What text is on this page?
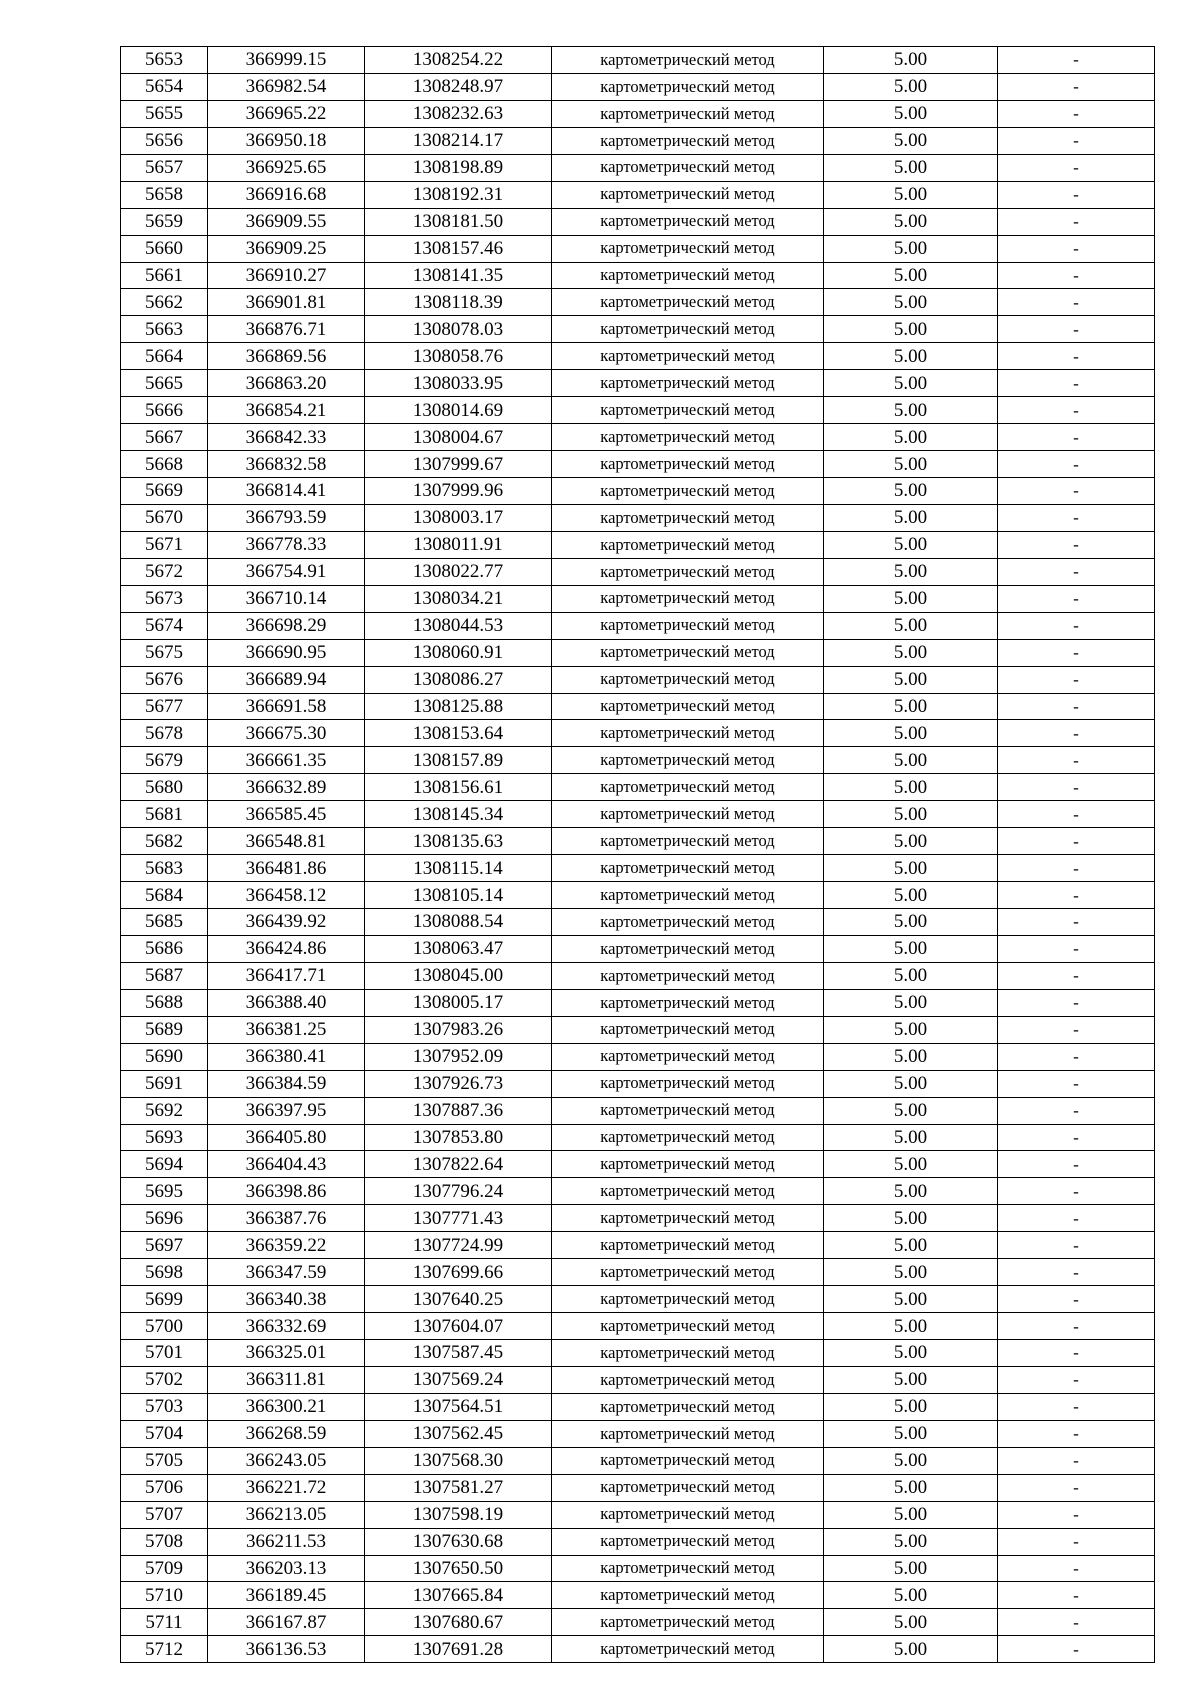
5653	366999.15	1308254.22	картометрический метод	5.00	-
5654	366982.54	1308248.97	картометрический метод	5.00	-
5655	366965.22	1308232.63	картометрический метод	5.00	-
5656	366950.18	1308214.17	картометрический метод	5.00	-
5657	366925.65	1308198.89	картометрический метод	5.00	-
5658	366916.68	1308192.31	картометрический метод	5.00	-
5659	366909.55	1308181.50	картометрический метод	5.00	-
5660	366909.25	1308157.46	картометрический метод	5.00	-
5661	366910.27	1308141.35	картометрический метод	5.00	-
5662	366901.81	1308118.39	картометрический метод	5.00	-
5663	366876.71	1308078.03	картометрический метод	5.00	-
5664	366869.56	1308058.76	картометрический метод	5.00	-
5665	366863.20	1308033.95	картометрический метод	5.00	-
5666	366854.21	1308014.69	картометрический метод	5.00	-
5667	366842.33	1308004.67	картометрический метод	5.00	-
5668	366832.58	1307999.67	картометрический метод	5.00	-
5669	366814.41	1307999.96	картометрический метод	5.00	-
5670	366793.59	1308003.17	картометрический метод	5.00	-
5671	366778.33	1308011.91	картометрический метод	5.00	-
5672	366754.91	1308022.77	картометрический метод	5.00	-
5673	366710.14	1308034.21	картометрический метод	5.00	-
5674	366698.29	1308044.53	картометрический метод	5.00	-
5675	366690.95	1308060.91	картометрический метод	5.00	-
5676	366689.94	1308086.27	картометрический метод	5.00	-
5677	366691.58	1308125.88	картометрический метод	5.00	-
5678	366675.30	1308153.64	картометрический метод	5.00	-
5679	366661.35	1308157.89	картометрический метод	5.00	-
5680	366632.89	1308156.61	картометрический метод	5.00	-
5681	366585.45	1308145.34	картометрический метод	5.00	-
5682	366548.81	1308135.63	картометрический метод	5.00	-
5683	366481.86	1308115.14	картометрический метод	5.00	-
5684	366458.12	1308105.14	картометрический метод	5.00	-
5685	366439.92	1308088.54	картометрический метод	5.00	-
5686	366424.86	1308063.47	картометрический метод	5.00	-
5687	366417.71	1308045.00	картометрический метод	5.00	-
5688	366388.40	1308005.17	картометрический метод	5.00	-
5689	366381.25	1307983.26	картометрический метод	5.00	-
5690	366380.41	1307952.09	картометрический метод	5.00	-
5691	366384.59	1307926.73	картометрический метод	5.00	-
5692	366397.95	1307887.36	картометрический метод	5.00	-
5693	366405.80	1307853.80	картометрический метод	5.00	-
5694	366404.43	1307822.64	картометрический метод	5.00	-
5695	366398.86	1307796.24	картометрический метод	5.00	-
5696	366387.76	1307771.43	картометрический метод	5.00	-
5697	366359.22	1307724.99	картометрический метод	5.00	-
5698	366347.59	1307699.66	картометрический метод	5.00	-
5699	366340.38	1307640.25	картометрический метод	5.00	-
5700	366332.69	1307604.07	картометрический метод	5.00	-
5701	366325.01	1307587.45	картометрический метод	5.00	-
5702	366311.81	1307569.24	картометрический метод	5.00	-
5703	366300.21	1307564.51	картометрический метод	5.00	-
5704	366268.59	1307562.45	картометрический метод	5.00	-
5705	366243.05	1307568.30	картометрический метод	5.00	-
5706	366221.72	1307581.27	картометрический метод	5.00	-
5707	366213.05	1307598.19	картометрический метод	5.00	-
5708	366211.53	1307630.68	картометрический метод	5.00	-
5709	366203.13	1307650.50	картометрический метод	5.00	-
5710	366189.45	1307665.84	картометрический метод	5.00	-
5711	366167.87	1307680.67	картометрический метод	5.00	-
5712	366136.53	1307691.28	картометрический метод	5.00	-
